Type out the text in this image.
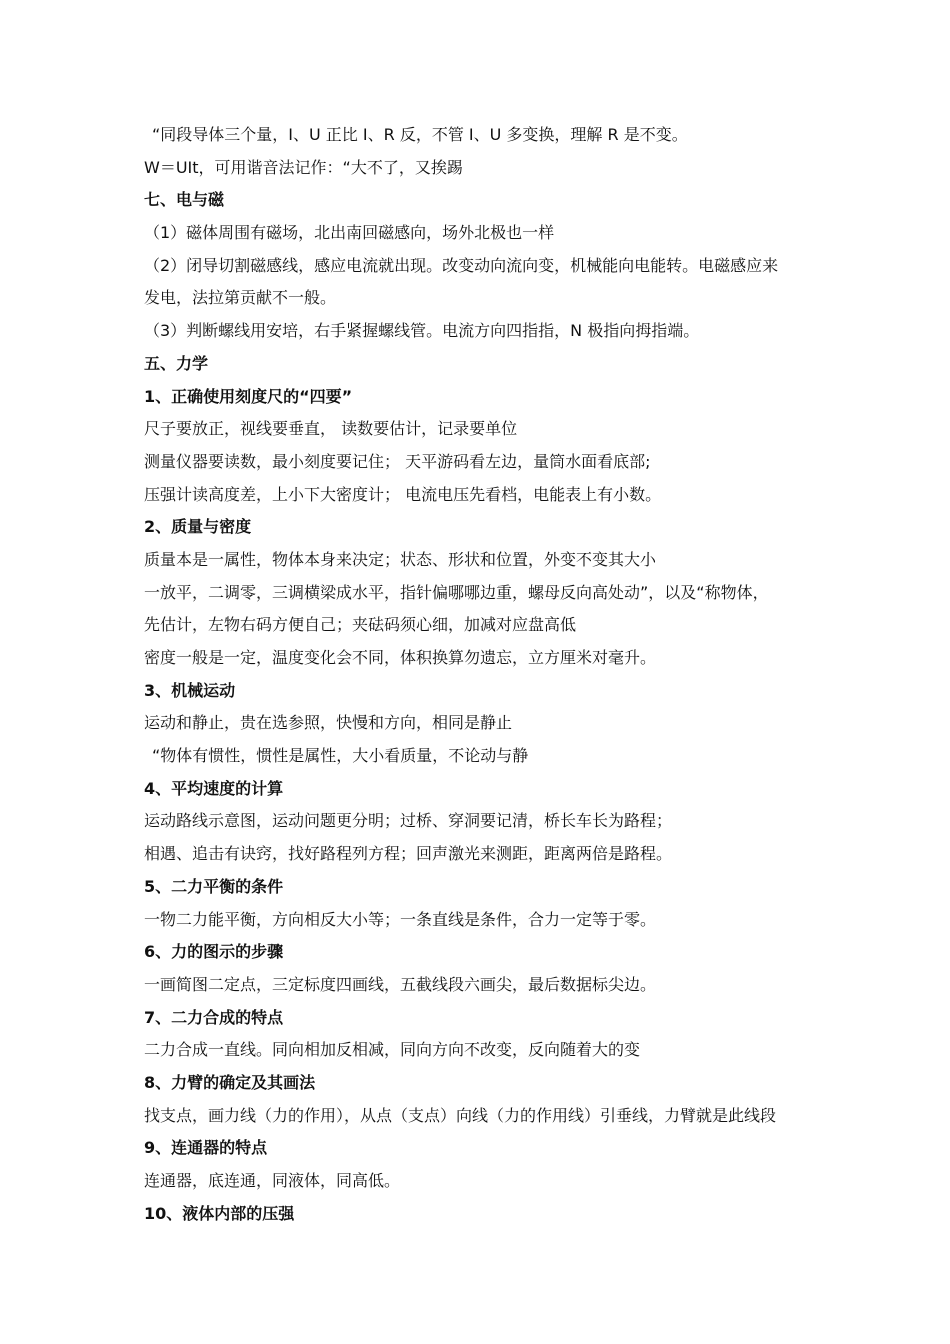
“同段导体三个量，I、U 正比 I、R 反，不管 I、U 多变换，理解 R 是不变。
W＝UIt，可用谐音法记作：“大不了，又挨踢
七、电与磁
（1）磁体周围有磁场，北出南回磁感向，场外北极也一样
（2）闭导切割磁感线，感应电流就出现。改变动向流向变，机械能向电能转。电磁感应来
发电，法拉第贡献不一般。
（3）判断螺线用安培，右手紧握螺线管。电流方向四指指，N 极指向拇指端。
五、力学
1、正确使用刻度尺的“四要”
尺子要放正，视线要垂直， 读数要估计，记录要单位
测量仪器要读数，最小刻度要记住； 天平游码看左边，量筒水面看底部;
压强计读高度差，上小下大密度计； 电流电压先看档，电能表上有小数。
2、质量与密度
质量本是一属性，物体本身来决定；状态、形状和位置，外变不变其大小
一放平，二调零，三调横梁成水平，指针偏哪哪边重，螺母反向高处动”，以及“称物体，
先估计，左物右码方便自己；夹砝码须心细，加减对应盘高低
密度一般是一定，温度变化会不同，体积换算勿遗忘，立方厘米对毫升。
3、机械运动
运动和静止，贵在选参照，快慢和方向，相同是静止
“物体有惯性，惯性是属性，大小看质量，不论动与静
4、平均速度的计算
运动路线示意图，运动问题更分明；过桥、穿洞要记清，桥长车长为路程；
相遇、追击有诀窍，找好路程列方程；回声激光来测距，距离两倍是路程。
5、二力平衡的条件
一物二力能平衡，方向相反大小等；一条直线是条件，合力一定等于零。
6、力的图示的步骤
一画简图二定点，三定标度四画线，五截线段六画尖，最后数据标尖边。
7、二力合成的特点
二力合成一直线。同向相加反相减，同向方向不改变，反向随着大的变
8、力臂的确定及其画法
找支点，画力线（力的作用），从点（支点）向线（力的作用线）引垂线，力臂就是此线段
9、连通器的特点
连通器，底连通，同液体，同高低。
10、液体内部的压强
